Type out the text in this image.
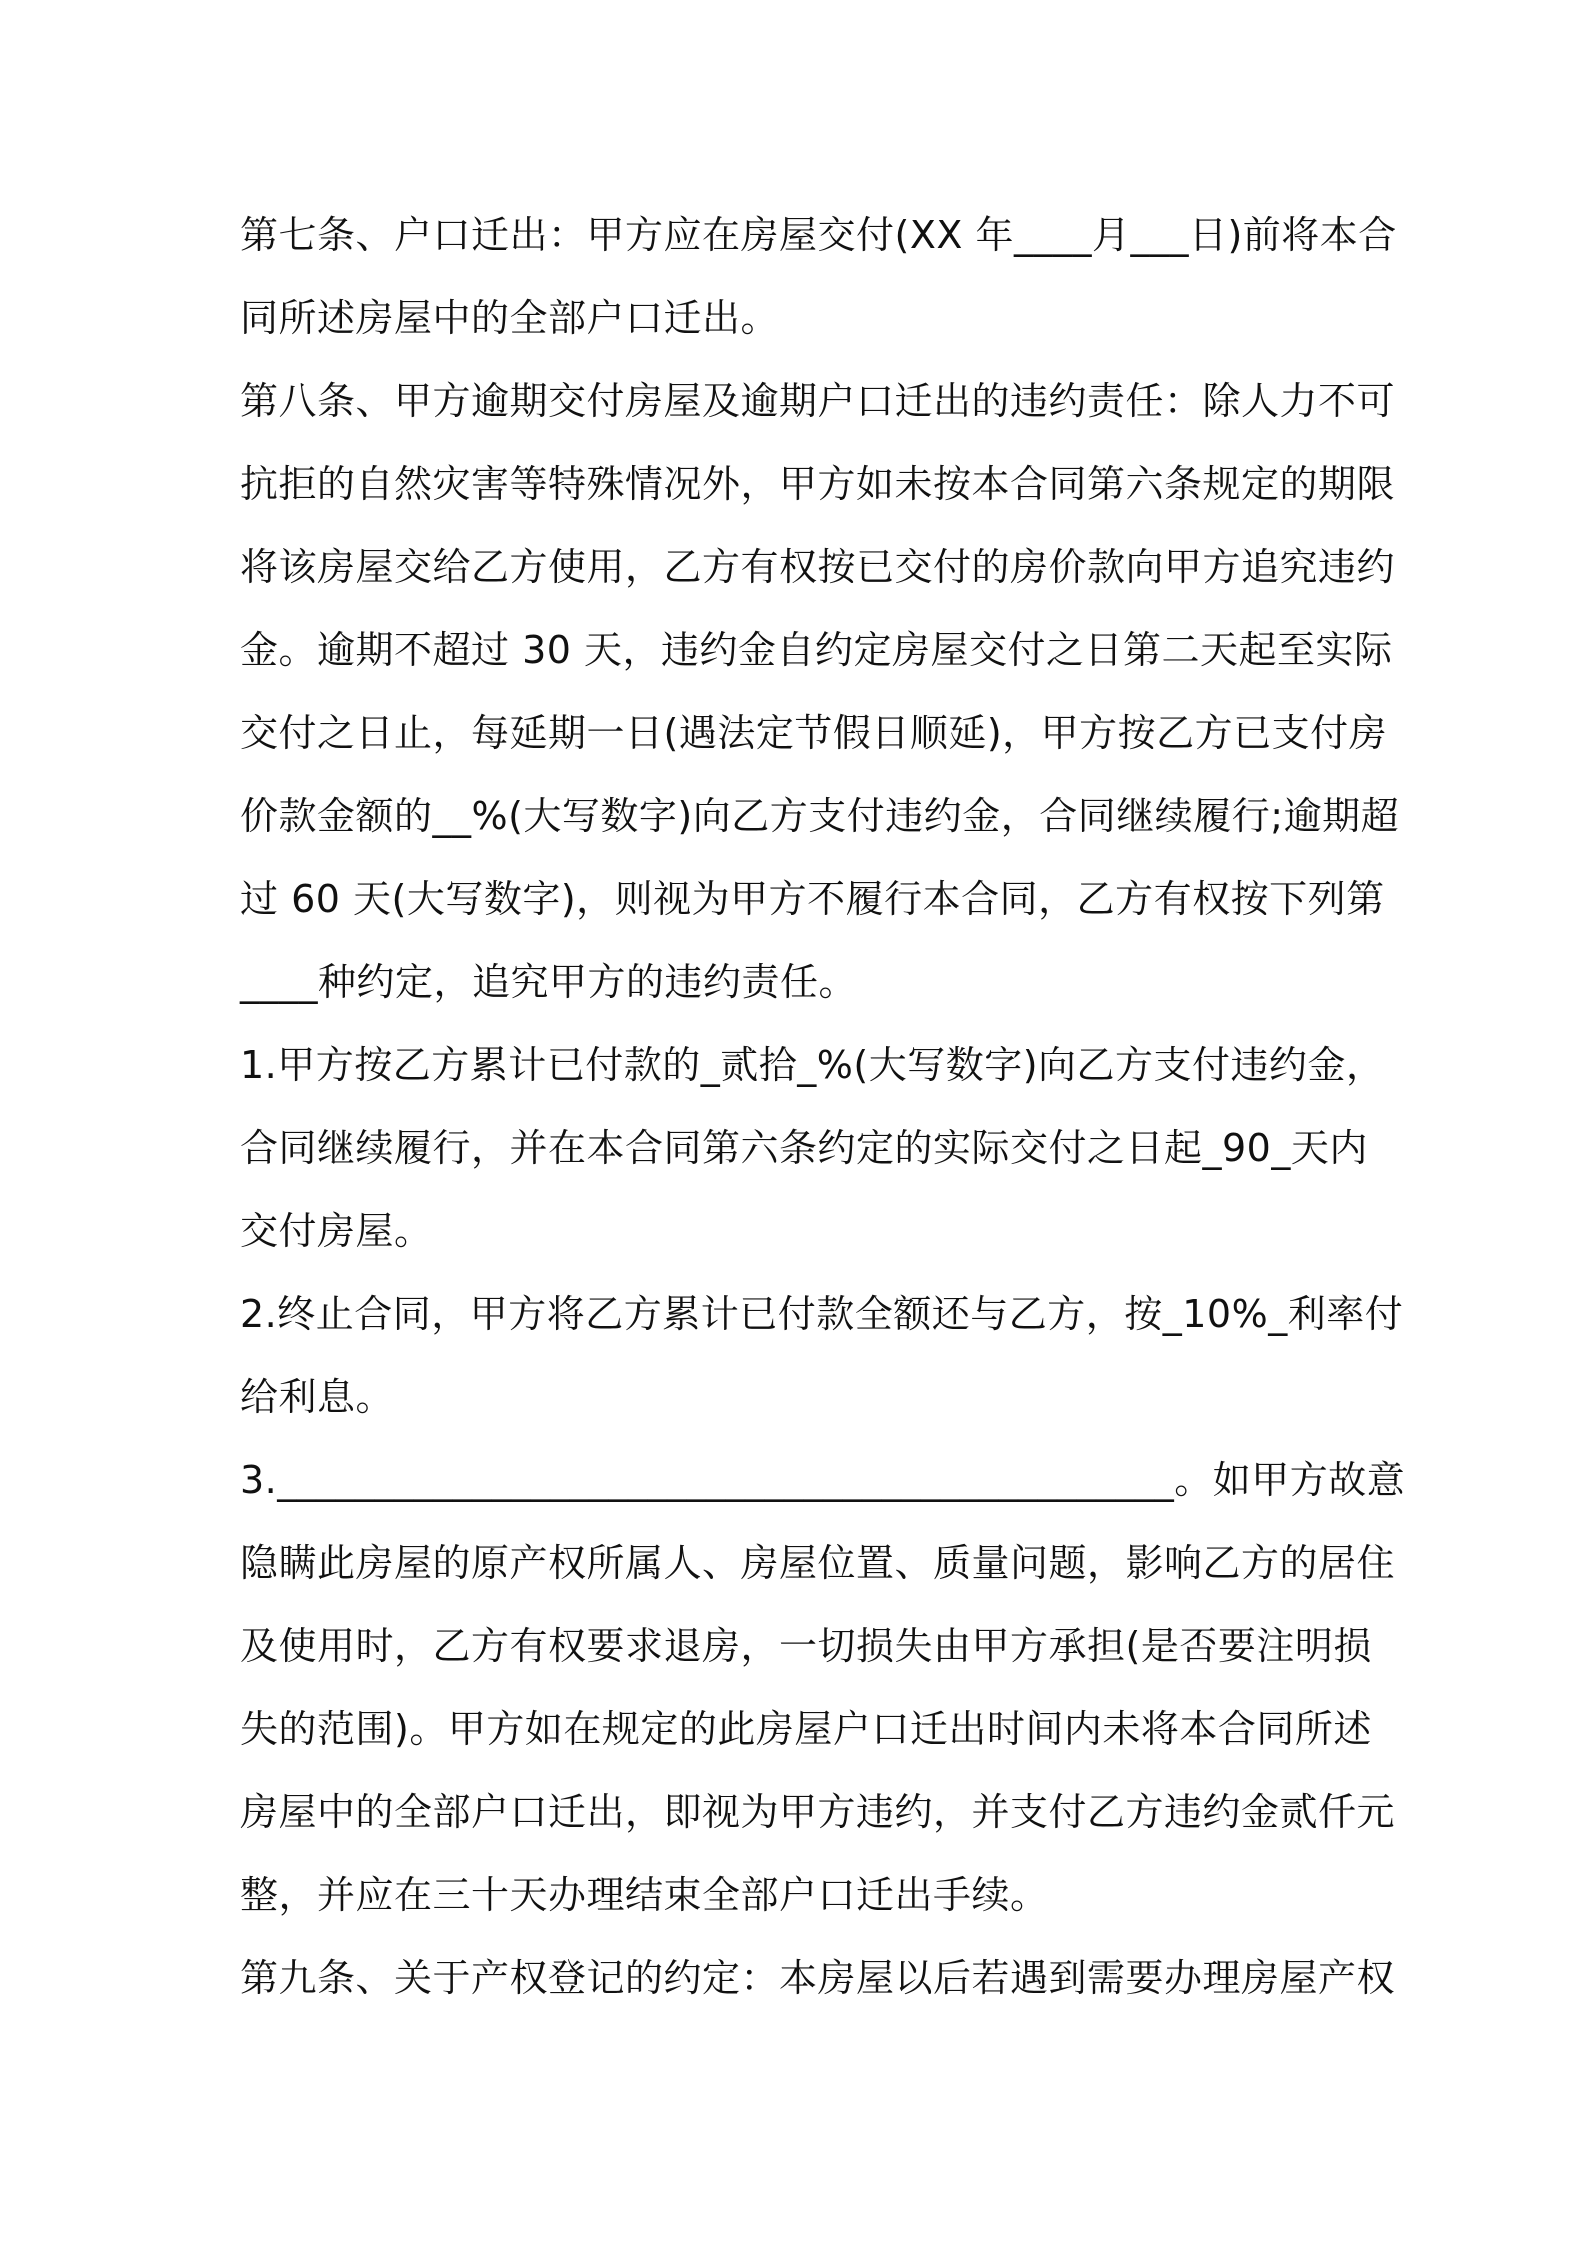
第七条、户口迁出：甲方应在房屋交付(XX 年____月___日)前将本合
同所述房屋中的全部户口迁出。
第八条、甲方逾期交付房屋及逾期户口迁出的违约责任：除人力不可
抗拒的自然灾害等特殊情况外，甲方如未按本合同第六条规定的期限
将该房屋交给乙方使用，乙方有权按已交付的房价款向甲方追究违约
金。逾期不超过 30 天，违约金自约定房屋交付之日第二天起至实际
交付之日止，每延期一日(遇法定节假日顺延)，甲方按乙方已支付房
价款金额的__%(大写数字)向乙方支付违约金，合同继续履行;逾期超
过 60 天(大写数字)，则视为甲方不履行本合同，乙方有权按下列第
____种约定，追究甲方的违约责任。
1.甲方按乙方累计已付款的_贰拾_%(大写数字)向乙方支付违约金，
合同继续履行，并在本合同第六条约定的实际交付之日起_90_天内
交付房屋。
2.终止合同，甲方将乙方累计已付款全额还与乙方，按_10%_利率付
给利息。
3.______________________________________________。如甲方故意
隐瞒此房屋的原产权所属人、房屋位置、质量问题，影响乙方的居住
及使用时，乙方有权要求退房，一切损失由甲方承担(是否要注明损
失的范围)。甲方如在规定的此房屋户口迁出时间内未将本合同所述
房屋中的全部户口迁出，即视为甲方违约，并支付乙方违约金贰仟元
整，并应在三十天办理结束全部户口迁出手续。
第九条、关于产权登记的约定：本房屋以后若遇到需要办理房屋产权
